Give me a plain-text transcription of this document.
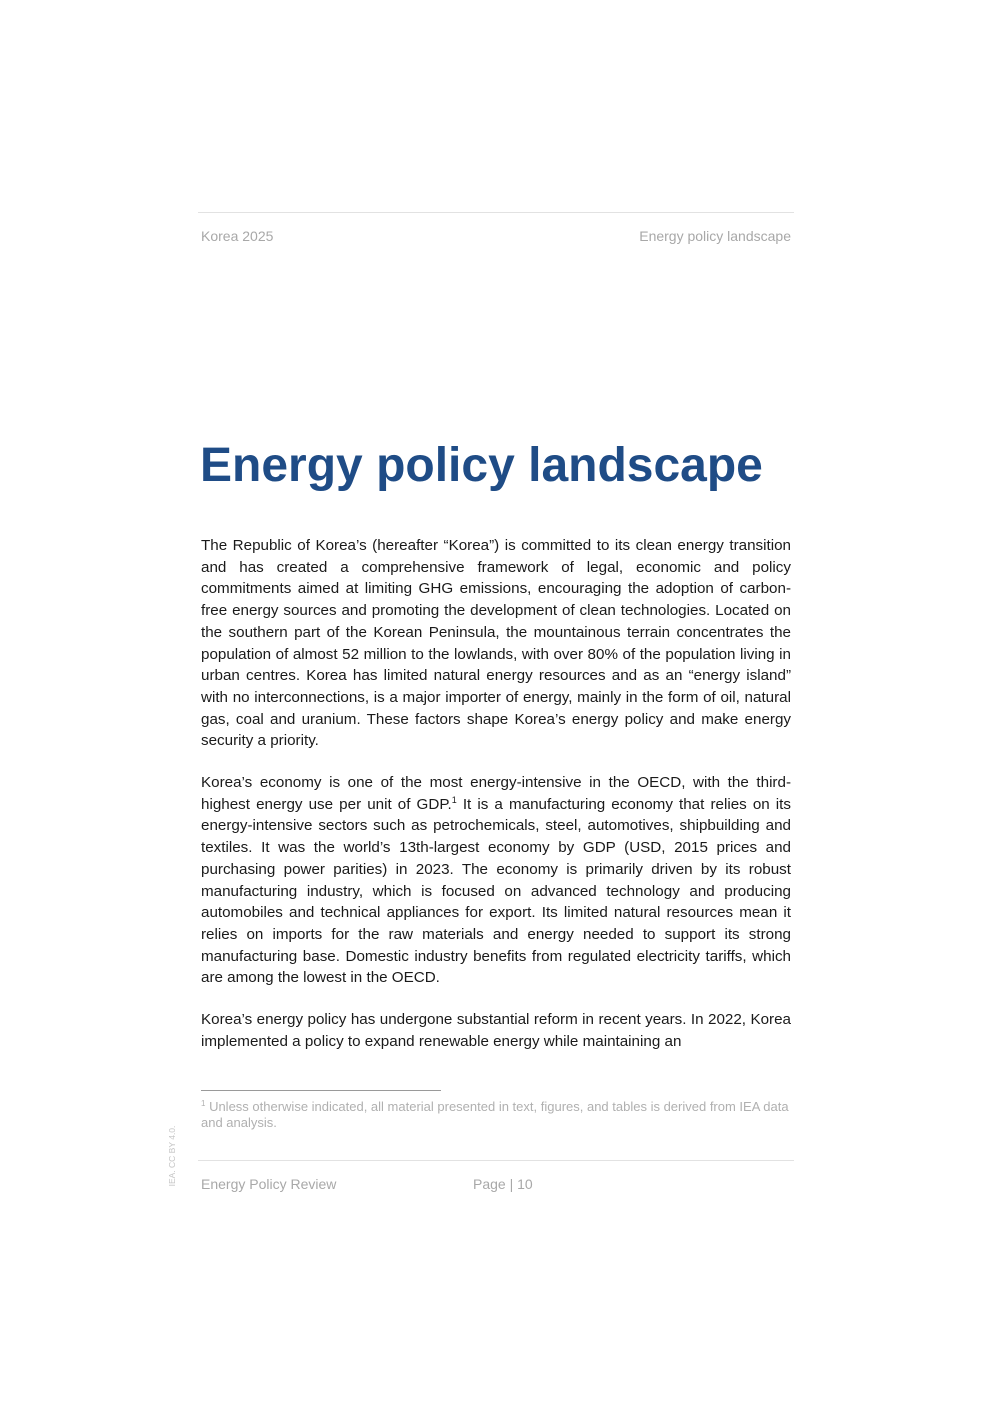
Korea 2025	Energy policy landscape
Energy policy landscape

The Republic of Korea’s (hereafter “Korea”) is committed to its clean energy transition and has created a comprehensive framework of legal, economic and policy commitments aimed at limiting GHG emissions, encouraging the adoption of carbon-free energy sources and promoting the development of clean technologies. Located on the southern part of the Korean Peninsula, the mountainous terrain concentrates the population of almost 52 million to the lowlands, with over 80% of the population living in urban centres. Korea has limited natural energy resources and as an “energy island” with no interconnections, is a major importer of energy, mainly in the form of oil, natural gas, coal and uranium. These factors shape Korea’s energy policy and make energy security a priority.

Korea’s economy is one of the most energy-intensive in the OECD, with the third-highest energy use per unit of GDP.$^1$ It is a manufacturing economy that relies on its energy-intensive sectors such as petrochemicals, steel, automotives, shipbuilding and textiles. It was the world’s 13th-largest economy by GDP (USD, 2015 prices and purchasing power parities) in 2023. The economy is primarily driven by its robust manufacturing industry, which is focused on advanced technology and producing automobiles and technical appliances for export. Its limited natural resources mean it relies on imports for the raw materials and energy needed to support its strong manufacturing base. Domestic industry benefits from regulated electricity tariffs, which are among the lowest in the OECD.

Korea’s energy policy has undergone substantial reform in recent years. In 2022, Korea implemented a policy to expand renewable energy while maintaining an

$^1$ Unless otherwise indicated, all material presented in text, figures, and tables is derived from IEA data and analysis.
IEA. CC BY 4.0. Energy Policy Review	Page | 10
